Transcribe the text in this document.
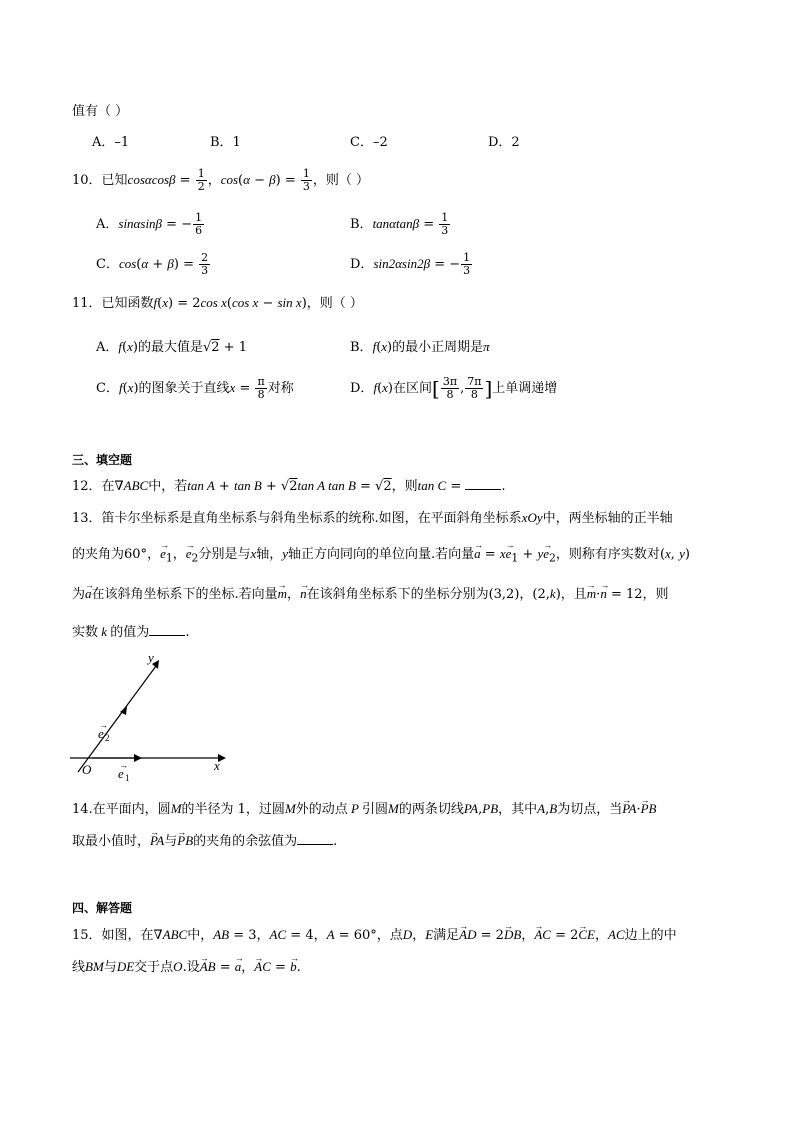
值有（ ）
A．–1	B．1	C．–2	D．2
10．已知$\cos\alpha\cos\beta = \frac{1}{2}$ ，$\cos(\alpha - \beta) = \frac{1}{3}$ ，则（ ）
A．sinαsinβ = − $\frac{1}{6}$	B．$\tan\alpha\tan\beta = \frac{1}{3}$
C．$\cos(\alpha + \beta) = \frac{2}{3}$	D．sin2αsin2β = − $\frac{1}{3}$
11．已知函数f(x) = 2cos x(cos x − sin x)，则（ ）
A．f(x)的最大值是√2 + 1	B．f(x)的最小正周期是π
C．f(x)的图象关于直线$x = \frac{\pi}{8}$ 对称	D．f(x)在区间[ $\frac{3\pi}{8}$ , $\frac{7\pi}{8}$ ]上单调递增
三、填空题
12．在∇ABC中，若tan A + tan B + √2tan A tan B = √2，则tan C =	.
13．笛卡尔坐标系是直角坐标系与斜角坐标系的统称.如图，在平面斜角坐标系xOy中，两坐标轴的正半轴
的夹角为60°，→ $e_1$，→ $e_2$分别是与x轴，y轴正方向同向的单位向量.若向量→ $a = x\to e_1 + y\to e_2$，则称有序实数对(x, y)
为→ a在该斜角坐标系下的坐标.若向量→ m，→ n在该斜角坐标系下的坐标分别为(3,2)，(2,k)，且→ m·→ n = 12，则
实数 k 的值为	.
y
x
O e 1
e 2
→
→
14.在平面内，圆M的半径为 1，过圆M外的动点 P 引圆M的两条切线PA,PB，其中A,B为切点，当→ PA·→ PB
取最小值时，→ PA与→ PB的夹角的余弦值为	.
四、解答题
15．如图，在∇ABC中，AB = 3，AC = 4，A = 60°，点D，E满足→ AD = 2→ DB，→ AC = 2→ CE，AC边上的中
线BM与DE交于点O.设→ AB = → a，→ AC = → b.
